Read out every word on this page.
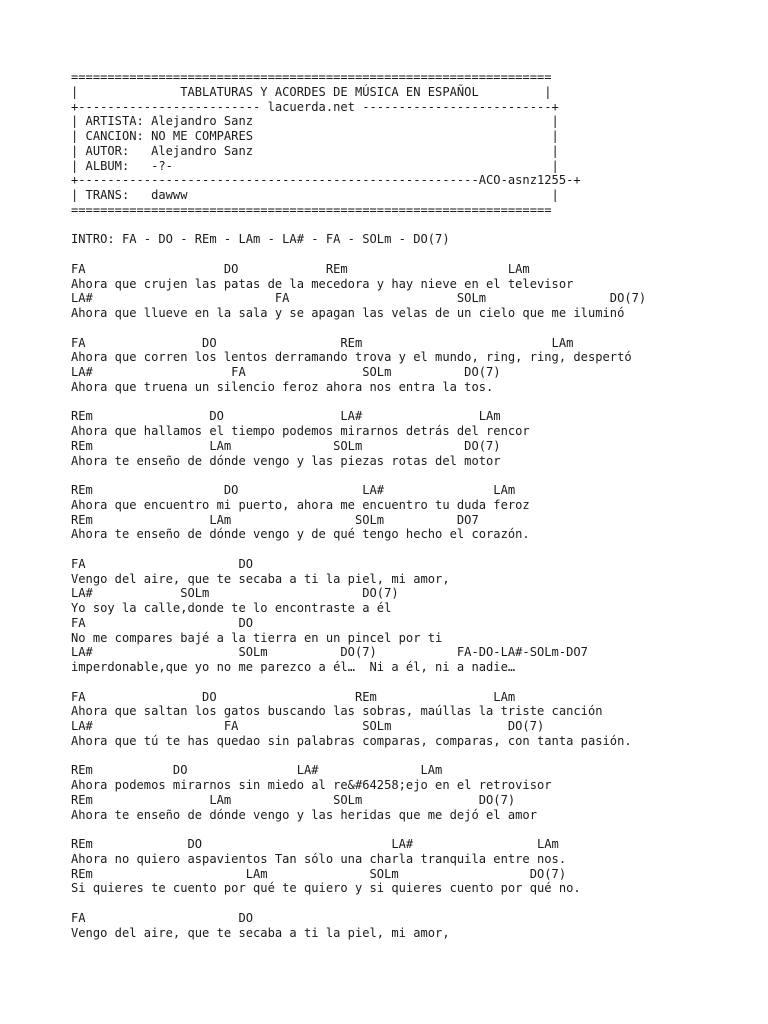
==================================================================
|              TABLATURAS Y ACORDES DE MÚSICA EN ESPAÑOL         |
+------------------------- lacuerda.net --------------------------+
| ARTISTA: Alejandro Sanz                                         |
| CANCION: NO ME COMPARES                                         |
| AUTOR:   Alejandro Sanz                                         |
| ALBUM:   -?-                                                    |
+-------------------------------------------------------ACO-asnz1255-+
| TRANS:   dawww                                                  |
==================================================================
INTRO: FA - DO - REm - LAm - LA# - FA - SOLm - DO(7)
FA                   DO            REm                      LAm
Ahora que crujen las patas de la mecedora y hay nieve en el televisor
LA#                         FA                       SOLm                 DO(7)
Ahora que llueve en la sala y se apagan las velas de un cielo que me iluminó
FA                DO                 REm                          LAm
Ahora que corren los lentos derramando trova y el mundo, ring, ring, despertó
LA#                   FA                SOLm          DO(7)
Ahora que truena un silencio feroz ahora nos entra la tos.
REm                DO                LA#                LAm
Ahora que hallamos el tiempo podemos mirarnos detrás del rencor
REm                LAm              SOLm              DO(7)
Ahora te enseño de dónde vengo y las piezas rotas del motor
REm                  DO                 LA#               LAm
Ahora que encuentro mi puerto, ahora me encuentro tu duda feroz
REm                LAm                 SOLm          DO7
Ahora te enseño de dónde vengo y de qué tengo hecho el corazón.
FA                     DO
Vengo del aire, que te secaba a ti la piel, mi amor,
LA#            SOLm                     DO(7)
Yo soy la calle,donde te lo encontraste a él
FA                     DO
No me compares bajé a la tierra en un pincel por ti
LA#                    SOLm          DO(7)           FA-DO-LA#-SOLm-DO7
imperdonable,que yo no me parezco a él…  Ni a él, ni a nadie…
FA                DO                   REm                LAm
Ahora que saltan los gatos buscando las sobras, maúllas la triste canción
LA#                  FA                 SOLm                DO(7)
Ahora que tú te has quedao sin palabras comparas, comparas, con tanta pasión.
REm           DO               LA#              LAm
Ahora podemos mirarnos sin miedo al re&#64258;ejo en el retrovisor
REm                LAm              SOLm                DO(7)
Ahora te enseño de dónde vengo y las heridas que me dejó el amor
REm             DO                          LA#                 LAm
Ahora no quiero aspavientos Tan sólo una charla tranquila entre nos.
REm                     LAm              SOLm                  DO(7)
Si quieres te cuento por qué te quiero y si quieres cuento por qué no.
FA                     DO
Vengo del aire, que te secaba a ti la piel, mi amor,
